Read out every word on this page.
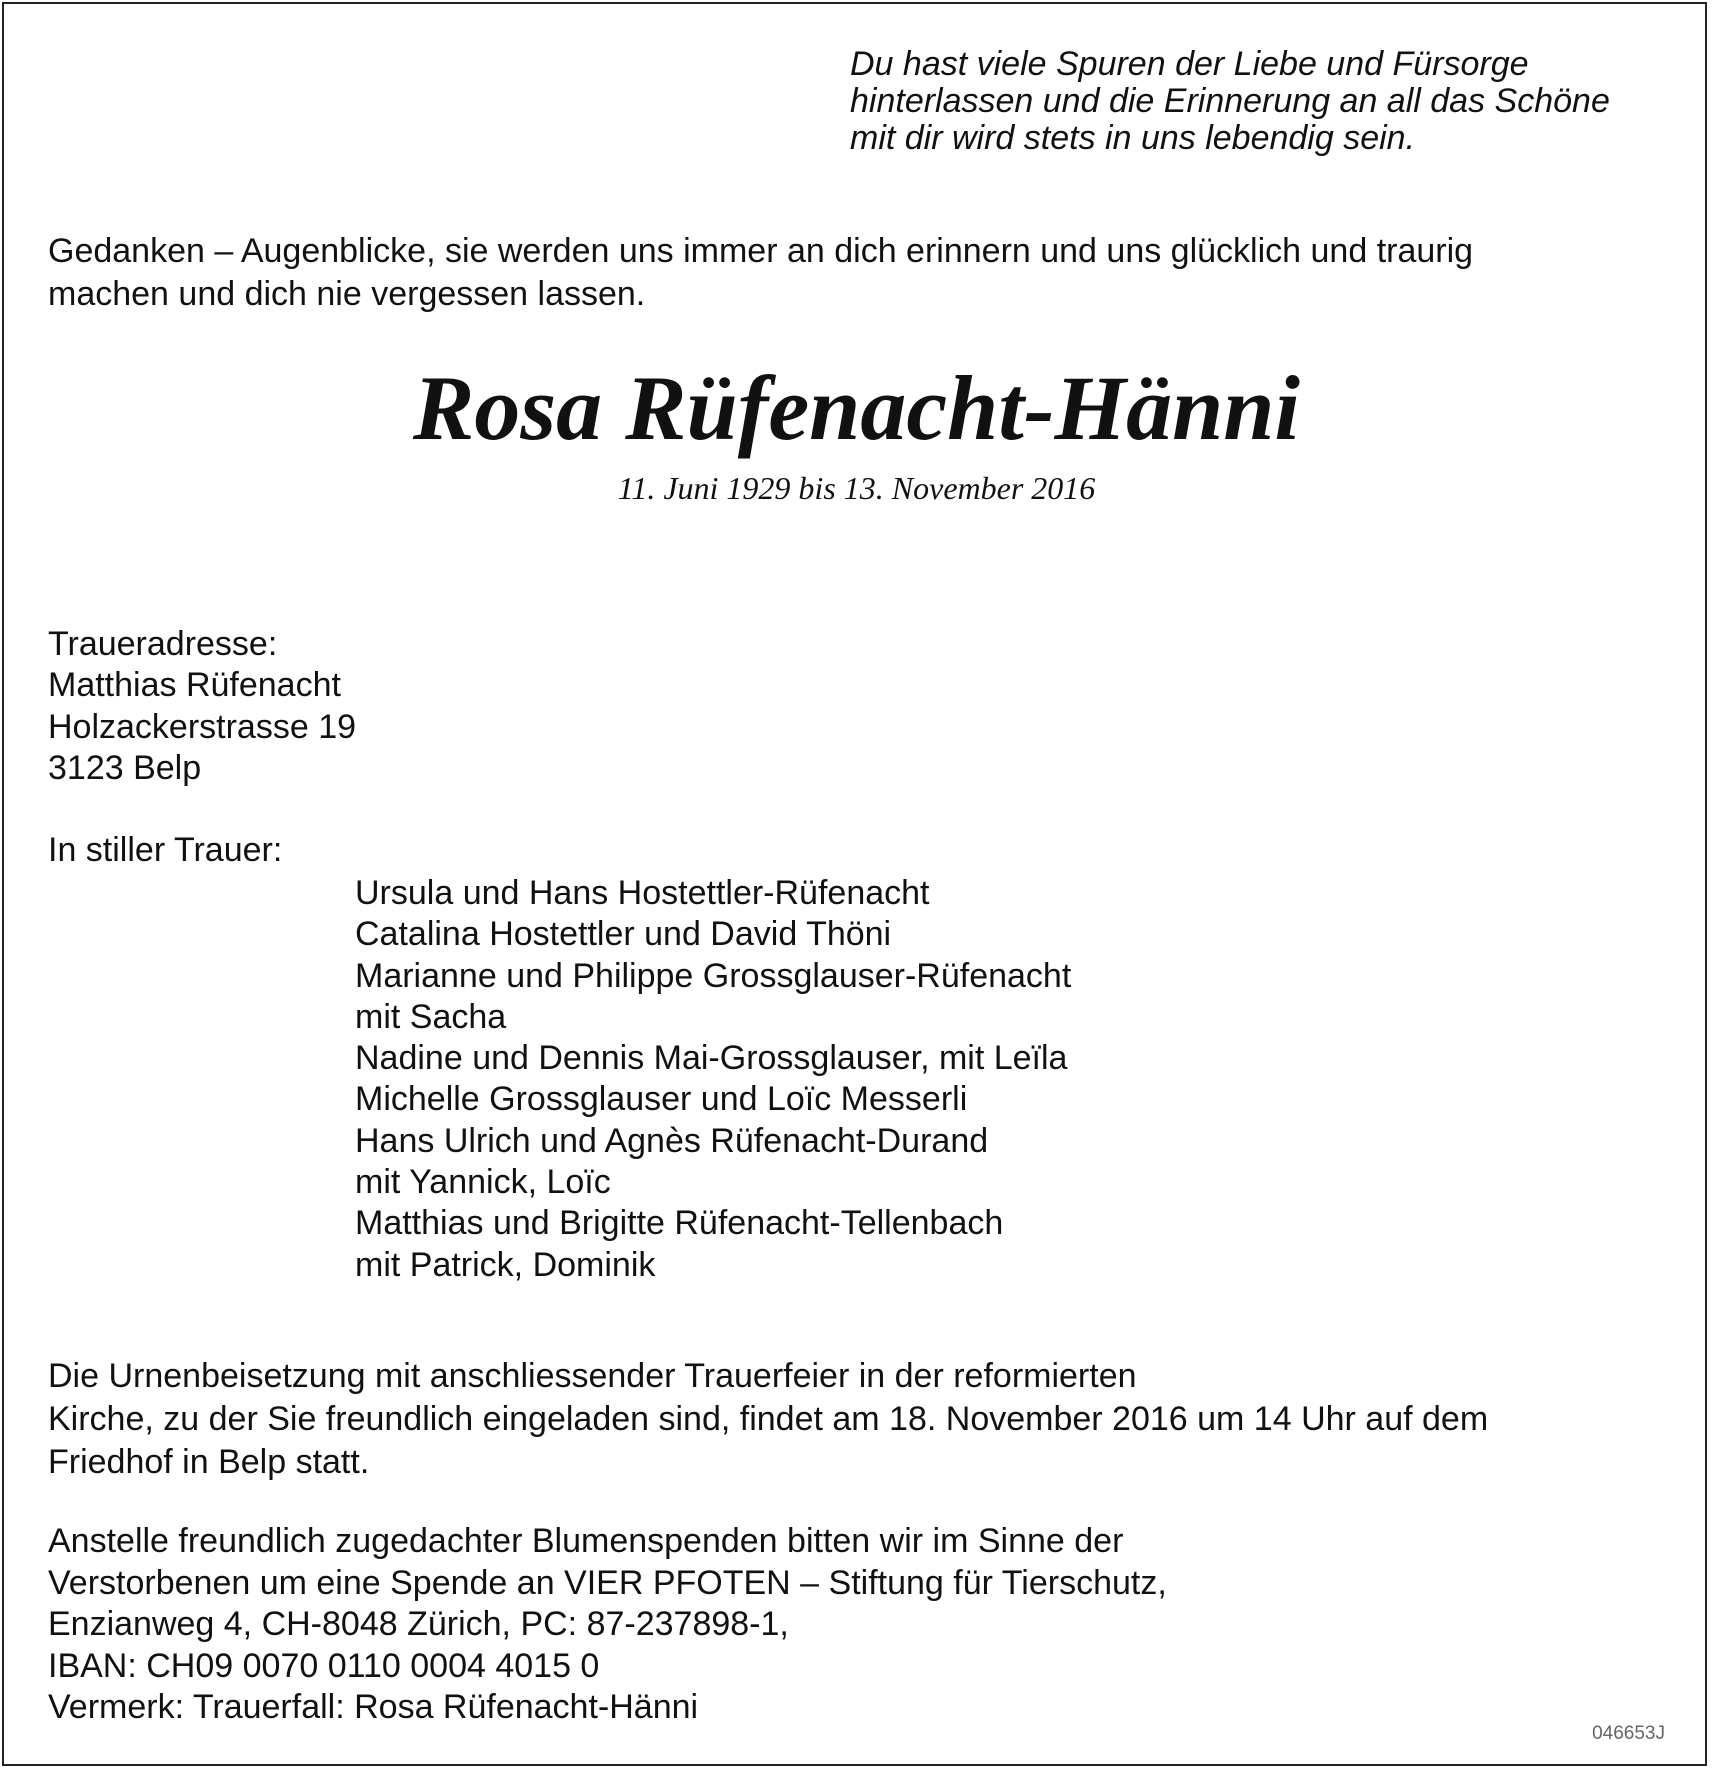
Du hast viele Spuren der Liebe und Fürsorge

hinterlassen und die Erinnerung an all das Schöne

mit dir wird stets in uns lebendig sein.

Gedanken – Augenblicke, sie werden uns immer an dich erinnern und uns glücklich und traurig

machen und dich nie vergessen lassen.

Rosa Rüfenacht-Hänni

11. Juni 1929 bis 13. November 2016

Traueradresse:

Matthias Rüfenacht

Holzackerstrasse 19

3123 Belp

In stiller Trauer:

Ursula und Hans Hostettler-Rüfenacht

Catalina Hostettler und David Thöni

Marianne und Philippe Grossglauser-Rüfenacht

mit Sacha

Nadine und Dennis Mai-Grossglauser, mit Leïla

Michelle Grossglauser und Loïc Messerli

Hans Ulrich und Agnès Rüfenacht-Durand

mit Yannick, Loïc

Matthias und Brigitte Rüfenacht-Tellenbach

mit Patrick, Dominik

Die Urnenbeisetzung mit anschliessender Trauerfeier in der reformierten

Kirche, zu der Sie freundlich eingeladen sind, findet am 18. November 2016 um 14 Uhr auf dem

Friedhof in Belp statt.

Anstelle freundlich zugedachter Blumenspenden bitten wir im Sinne der

Verstorbenen um eine Spende an VIER PFOTEN – Stiftung für Tierschutz,

Enzianweg 4, CH-8048 Zürich, PC: 87-237898-1,

IBAN: CH09 0070 0110 0004 4015 0

Vermerk: Trauerfall: Rosa Rüfenacht-Hänni

046653J
